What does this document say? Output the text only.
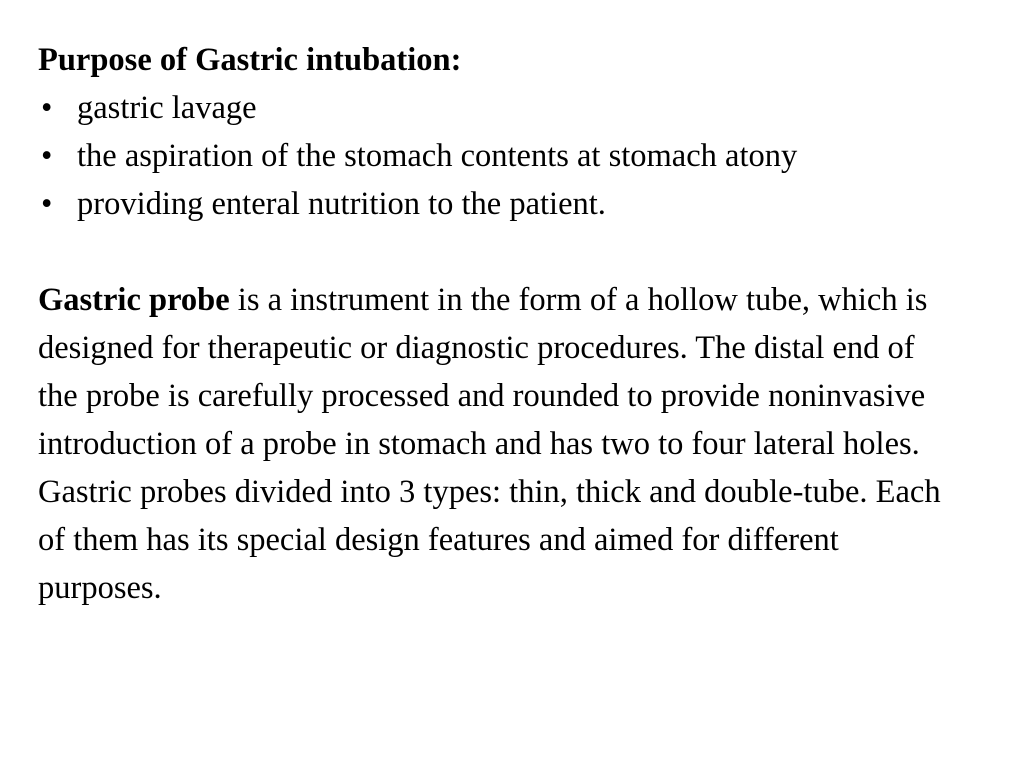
Purpose of Gastric intubation:
• gastric lavage
• the aspiration of the stomach contents at stomach atony
• providing enteral nutrition to the patient.

Gastric probe is a instrument in the form of a hollow tube, which is designed for therapeutic or diagnostic procedures. The distal end of the probe is carefully processed and rounded to provide noninvasive introduction of a probe in stomach and has two to four lateral holes.

Gastric probes divided into 3 types: thin, thick and double-tube. Each of them has its special design features and aimed for different purposes.
